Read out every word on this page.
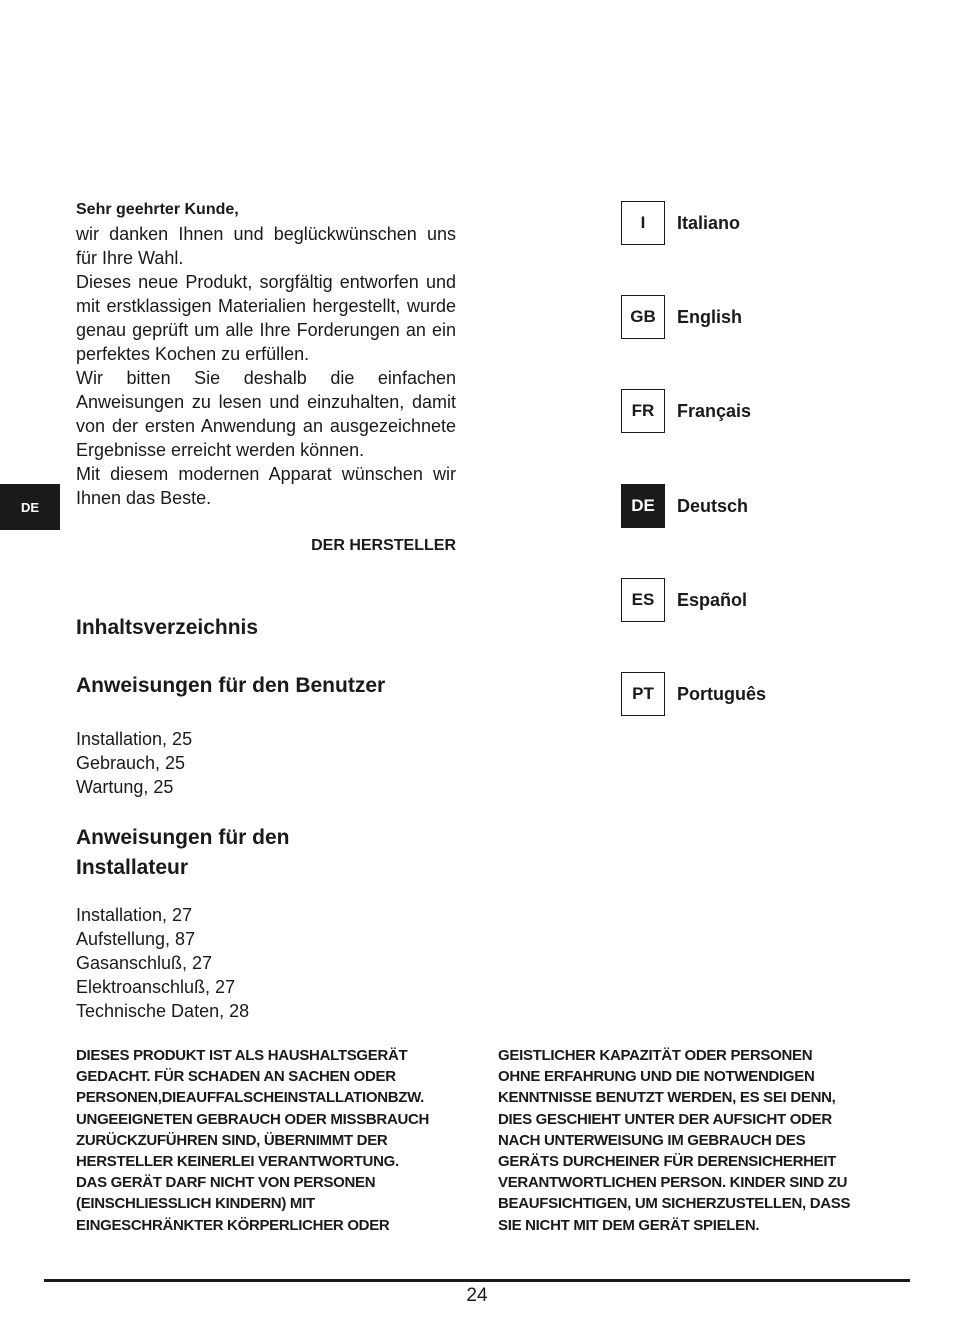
DE
Sehr geehrter Kunde,
wir danken Ihnen und beglückwünschen uns für Ihre Wahl.
Dieses neue Produkt, sorgfältig entworfen und mit erstklassigen Materialien hergestellt, wurde genau geprüft um alle Ihre Forderungen an ein perfektes Kochen zu erfüllen.
Wir bitten Sie deshalb die einfachen Anweisungen zu lesen und einzuhalten, damit von der ersten Anwendung an ausgezeichnete Ergebnisse erreicht werden können.
Mit diesem modernen Apparat wünschen wir Ihnen das Beste.
DER HERSTELLER
Inhaltsverzeichnis
Anweisungen für den Benutzer
Installation, 25
Gebrauch, 25
Wartung, 25
Anweisungen für den
Installateur
Installation, 27
Aufstellung, 87
Gasanschluß, 27
Elektroanschluß, 27
Technische Daten, 28
I	Italiano
GB	English
FR	Français
DE	Deutsch
ES	Español
PT	Português
DIESES PRODUKT IST ALS HAUSHALTSGERÄT
GEDACHT. FÜR SCHADEN AN SACHEN ODER
PERSONEN,DIEAUFFALSCHEINSTALLATIONBZW.
UNGEEIGNETEN GEBRAUCH ODER MISSBRAUCH
ZURÜCKZUFÜHREN SIND, ÜBERNIMMT DER
HERSTELLER KEINERLEI VERANTWORTUNG.
DAS GERÄT DARF NICHT VON PERSONEN
(EINSCHLIESSLICH KINDERN) MIT
EINGESCHRÄNKTER KÖRPERLICHER ODER
GEISTLICHER KAPAZITÄT ODER PERSONEN
OHNE ERFAHRUNG UND DIE NOTWENDIGEN
KENNTNISSE BENUTZT WERDEN, ES SEI DENN,
DIES GESCHIEHT UNTER DER AUFSICHT ODER
NACH UNTERWEISUNG IM GEBRAUCH DES
GERÄTS DURCHEINER FÜR DERENSICHERHEIT
VERANTWORTLICHEN PERSON. KINDER SIND ZU
BEAUFSICHTIGEN, UM SICHERZUSTELLEN, DASS
SIE NICHT MIT DEM GERÄT SPIELEN.
24
